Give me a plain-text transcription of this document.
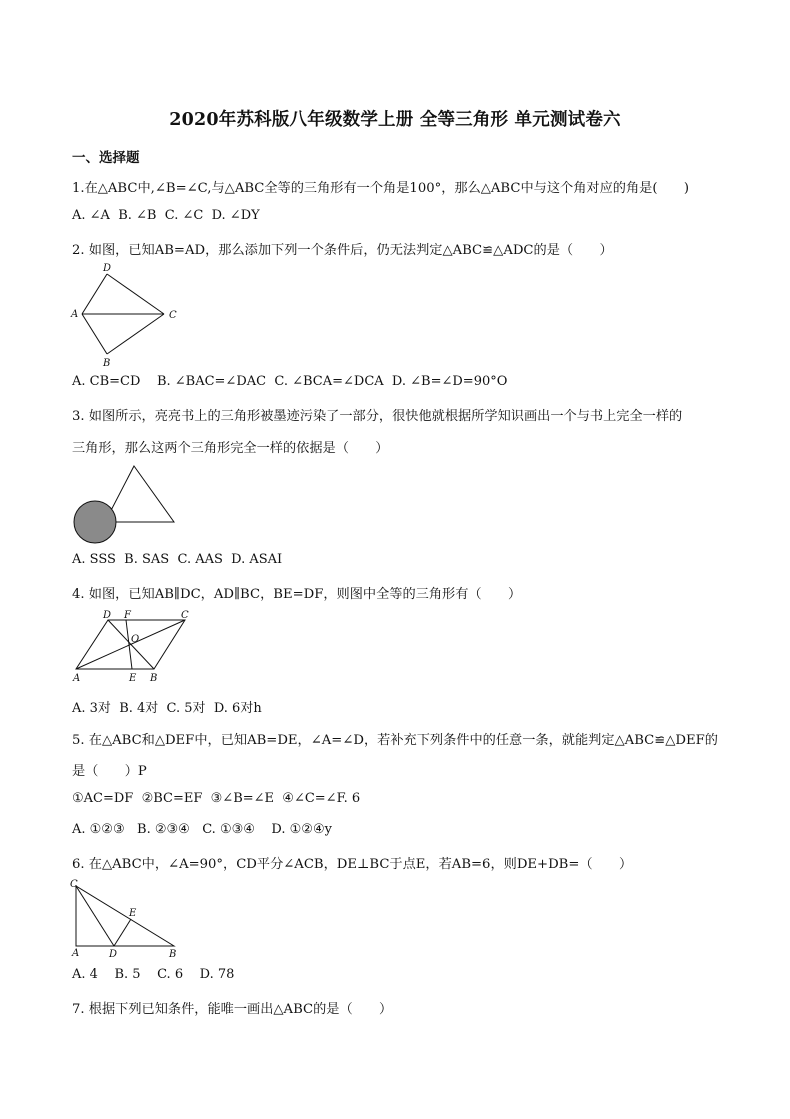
2020年苏科版八年级数学上册 全等三角形 单元测试卷六
一、选择题
1.在△ABC中,∠B=∠C,与△ABC全等的三角形有一个角是100°，那么△ABC中与这个角对应的角是(　　)
A. ∠A  B. ∠B  C. ∠C  D. ∠DY
2. 如图，已知AB=AD，那么添加下列一个条件后，仍无法判定△ABC≌△ADC的是（　　）
D
A	C
B
A. CB=CD    B. ∠BAC=∠DAC  C. ∠BCA=∠DCA  D. ∠B=∠D=90°O
3. 如图所示，亮亮书上的三角形被墨迹污染了一部分，很快他就根据所学知识画出一个与书上完全一样的
三角形，那么这两个三角形完全一样的依据是（　　）
A. SSS  B. SAS  C. AAS  D. ASAI
4. 如图，已知AB∥DC，AD∥BC，BE=DF，则图中全等的三角形有（　　）
D F	C
O
A	E B
A. 3对  B. 4对  C. 5对  D. 6对h
5. 在△ABC和△DEF中，已知AB=DE，∠A=∠D，若补充下列条件中的任意一条，就能判定△ABC≌△DEF的
是（　　）P
①AC=DF  ②BC=EF  ③∠B=∠E  ④∠C=∠F. 6
A. ①②③   B. ②③④   C. ①③④    D. ①②④y
6. 在△ABC中，∠A=90°，CD平分∠ACB，DE⊥BC于点E，若AB=6，则DE+DB=（　　）
C
E
A	D	B
A. 4    B. 5    C. 6    D. 78
7. 根据下列已知条件，能唯一画出△ABC的是（　　）
